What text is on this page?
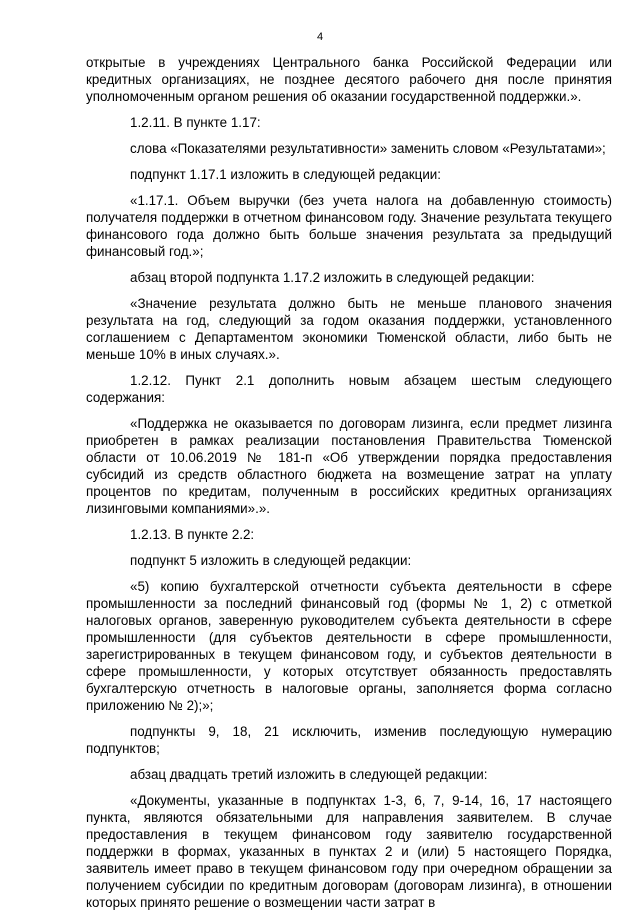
4

открытые в учреждениях Центрального банка Российской Федерации или кредитных организациях, не позднее десятого рабочего дня после принятия уполномоченным органом решения об оказании государственной поддержки.».

1.2.11. В пункте 1.17:

слова «Показателями результативности» заменить словом «Результатами»;

подпункт 1.17.1 изложить в следующей редакции:

«1.17.1. Объем выручки (без учета налога на добавленную стоимость) получателя поддержки в отчетном финансовом году. Значение результата текущего финансового года должно быть больше значения результата за предыдущий финансовый год.»;

абзац второй подпункта 1.17.2 изложить в следующей редакции:

«Значение результата должно быть не меньше планового значения результата на год, следующий за годом оказания поддержки, установленного соглашением с Департаментом экономики Тюменской области, либо быть не меньше 10% в иных случаях.».

1.2.12. Пункт 2.1 дополнить новым абзацем шестым следующего содержания:

«Поддержка не оказывается по договорам лизинга, если предмет лизинга приобретен в рамках реализации постановления Правительства Тюменской области от 10.06.2019 № 181-п «Об утверждении порядка предоставления субсидий из средств областного бюджета на возмещение затрат на уплату процентов по кредитам, полученным в российских кредитных организациях лизинговыми компаниями».».

1.2.13. В пункте 2.2:

подпункт 5 изложить в следующей редакции:

«5) копию бухгалтерской отчетности субъекта деятельности в сфере промышленности за последний финансовый год (формы № 1, 2) с отметкой налоговых органов, заверенную руководителем субъекта деятельности в сфере промышленности (для субъектов деятельности в сфере промышленности, зарегистрированных в текущем финансовом году, и субъектов деятельности в сфере промышленности, у которых отсутствует обязанность предоставлять бухгалтерскую отчетность в налоговые органы, заполняется форма согласно приложению № 2);»;

подпункты 9, 18, 21 исключить, изменив последующую нумерацию подпунктов;

абзац двадцать третий изложить в следующей редакции:

«Документы, указанные в подпунктах 1-3, 6, 7, 9-14, 16, 17 настоящего пункта, являются обязательными для направления заявителем. В случае предоставления в текущем финансовом году заявителю государственной поддержки в формах, указанных в пунктах 2 и (или) 5 настоящего Порядка, заявитель имеет право в текущем финансовом году при очередном обращении за получением субсидии по кредитным договорам (договорам лизинга), в отношении которых принято решение о возмещении части затрат в
